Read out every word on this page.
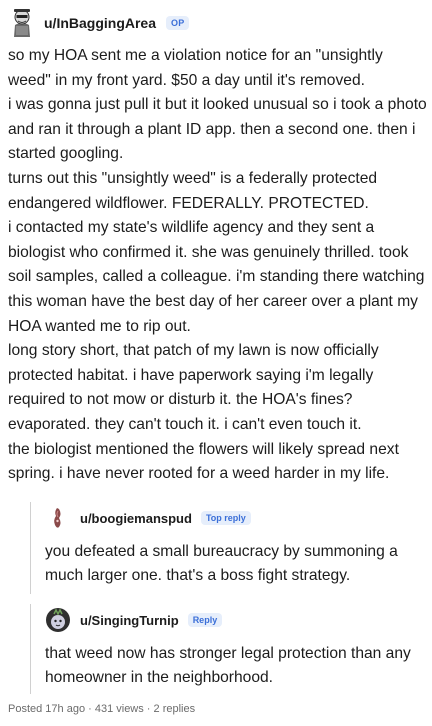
u/InBaggingArea	OP

so my HOA sent me a violation notice for an "unsightly weed" in my front yard. $50 a day until it's removed.

i was gonna just pull it but it looked unusual so i took a photo and ran it through a plant ID app. then a second one. then i started googling.

turns out this "unsightly weed" is a federally protected endangered wildflower. FEDERALLY. PROTECTED.

i contacted my state's wildlife agency and they sent a biologist who confirmed it. she was genuinely thrilled. took soil samples, called a colleague. i'm standing there watching this woman have the best day of her career over a plant my HOA wanted me to rip out.

long story short, that patch of my lawn is now officially protected habitat. i have paperwork saying i'm legally required to not mow or disturb it. the HOA's fines? evaporated. they can't touch it. i can't even touch it.

the biologist mentioned the flowers will likely spread next spring. i have never rooted for a weed harder in my life.

u/boogiemanspud	Top reply

you defeated a small bureaucracy by summoning a much larger one. that's a boss fight strategy.

u/SingingTurnip	Reply

that weed now has stronger legal protection than any homeowner in the neighborhood.

Posted 17h ago · 431 views · 2 replies
